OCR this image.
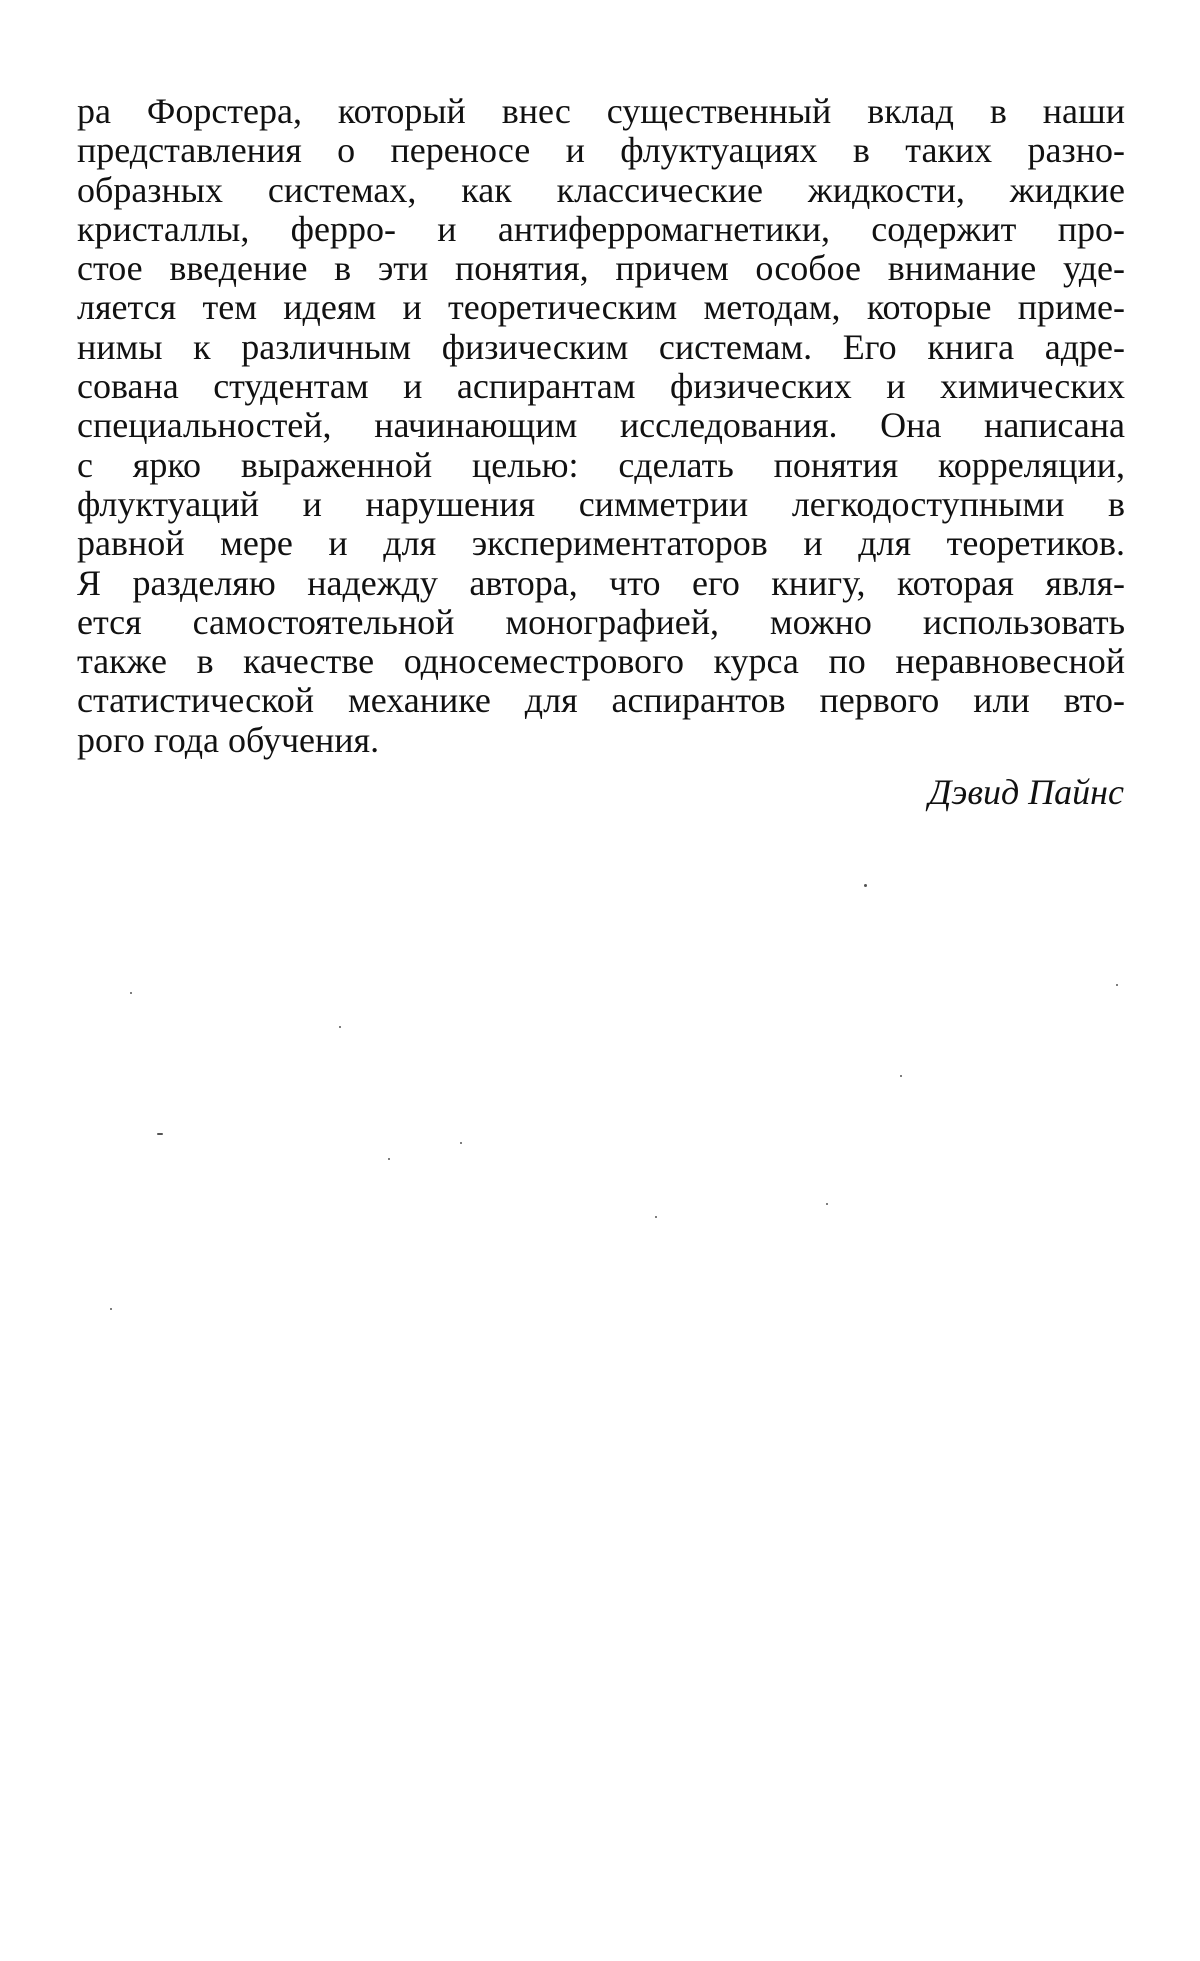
ра Форстера, который внес существенный вклад в наши
представления о переносе и флуктуациях в таких разно-
образных системах, как классические жидкости, жидкие
кристаллы, ферро- и антиферромагнетики, содержит про-
стое введение в эти понятия, причем особое внимание уде-
ляется тем идеям и теоретическим методам, которые приме-
нимы к различным физическим системам. Его книга адре-
сована студентам и аспирантам физических и химических
специальностей, начинающим исследования. Она написана
с ярко выраженной целью: сделать понятия корреляции,
флуктуаций и нарушения симметрии легкодоступными в
равной мере и для экспериментаторов и для теоретиков.
Я разделяю надежду автора, что его книгу, которая явля-
ется самостоятельной монографией, можно использовать
также в качестве односеместрового курса по неравновесной
статистической механике для аспирантов первого или вто-
рого года обучения.
Дэвид Пайнс
